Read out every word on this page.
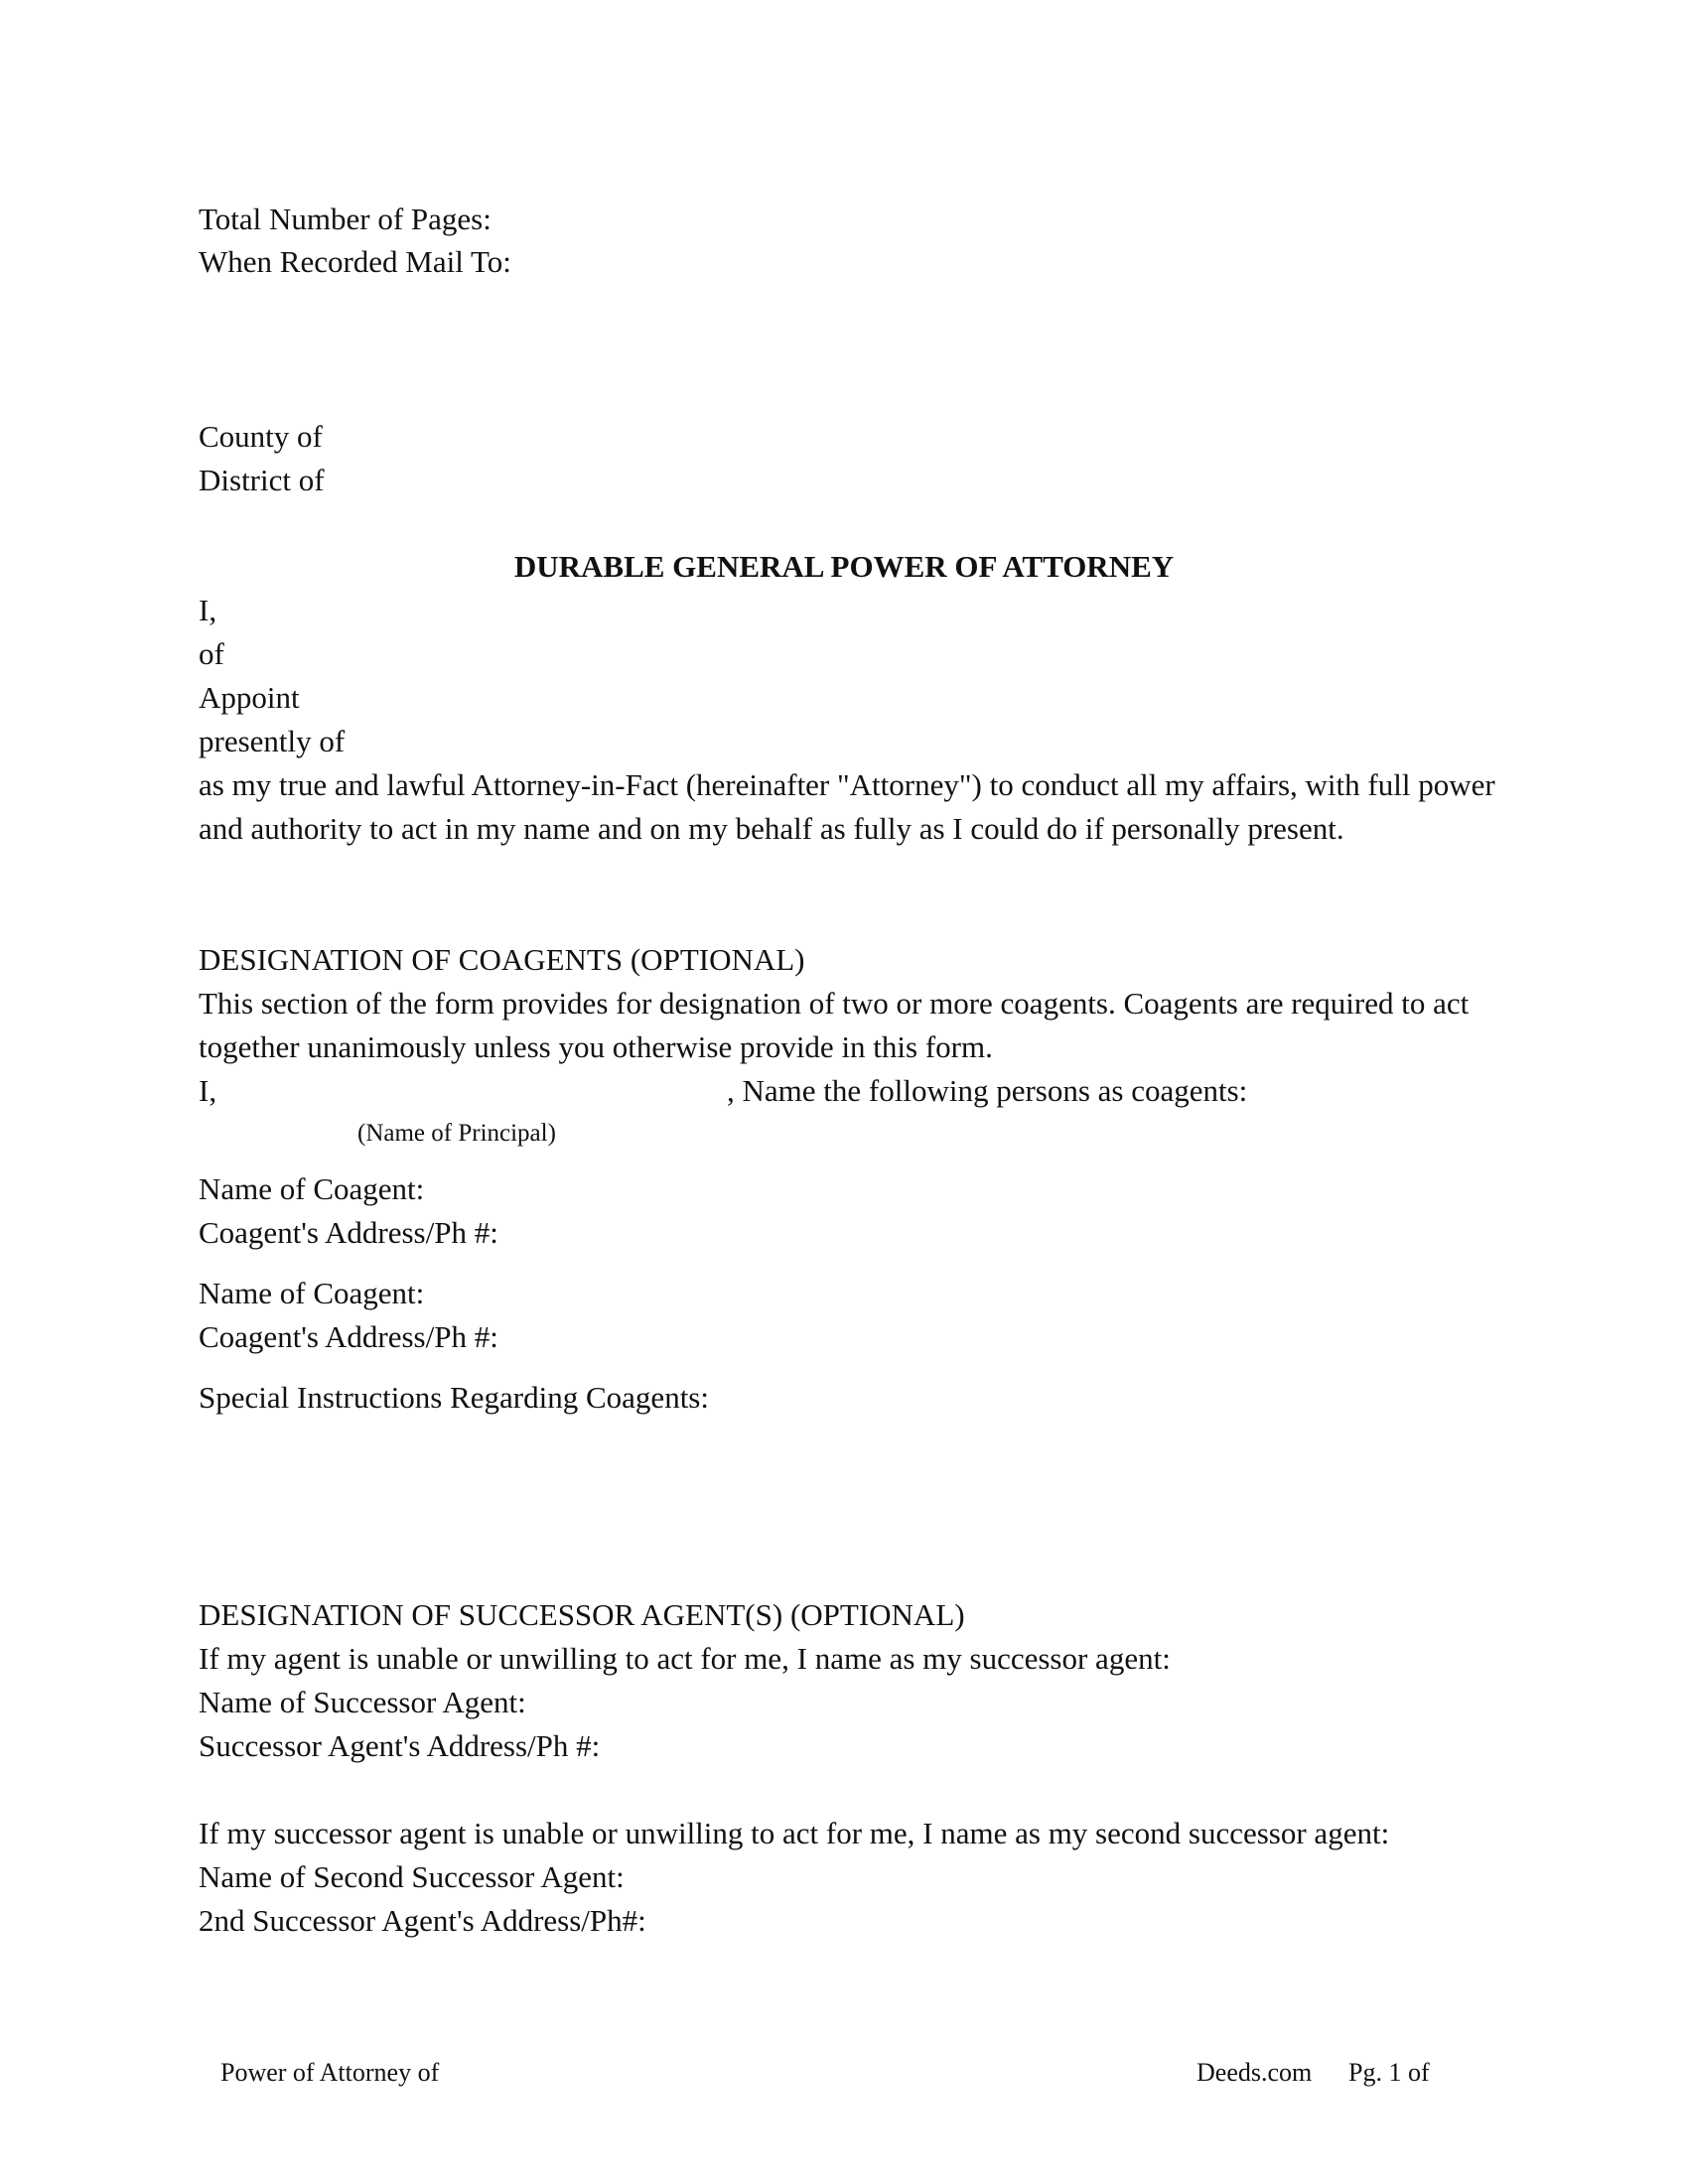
Total Number of Pages:

When Recorded Mail To:

County of

District of

DURABLE GENERAL POWER OF ATTORNEY

I,

of

Appoint

presently of

as my true and lawful Attorney-in-Fact (hereinafter "Attorney") to conduct all my affairs, with full power and authority to act in my name and on my behalf as fully as I could do if personally present.

DESIGNATION OF COAGENTS (OPTIONAL)

This section of the form provides for designation of two or more coagents. Coagents are required to act together unanimously unless you otherwise provide in this form.

I,	, Name the following persons as coagents:

(Name of Principal)

Name of Coagent:

Coagent's Address/Ph #:

Name of Coagent:

Coagent's Address/Ph #:

Special Instructions Regarding Coagents:

DESIGNATION OF SUCCESSOR AGENT(S) (OPTIONAL)

If my agent is unable or unwilling to act for me, I name as my successor agent:

Name of Successor Agent:

Successor Agent's Address/Ph #:

If my successor agent is unable or unwilling to act for me, I name as my second successor agent:

Name of Second Successor Agent:

2nd Successor Agent's Address/Ph#:

Power of Attorney of	Deeds.com Pg. 1 of
